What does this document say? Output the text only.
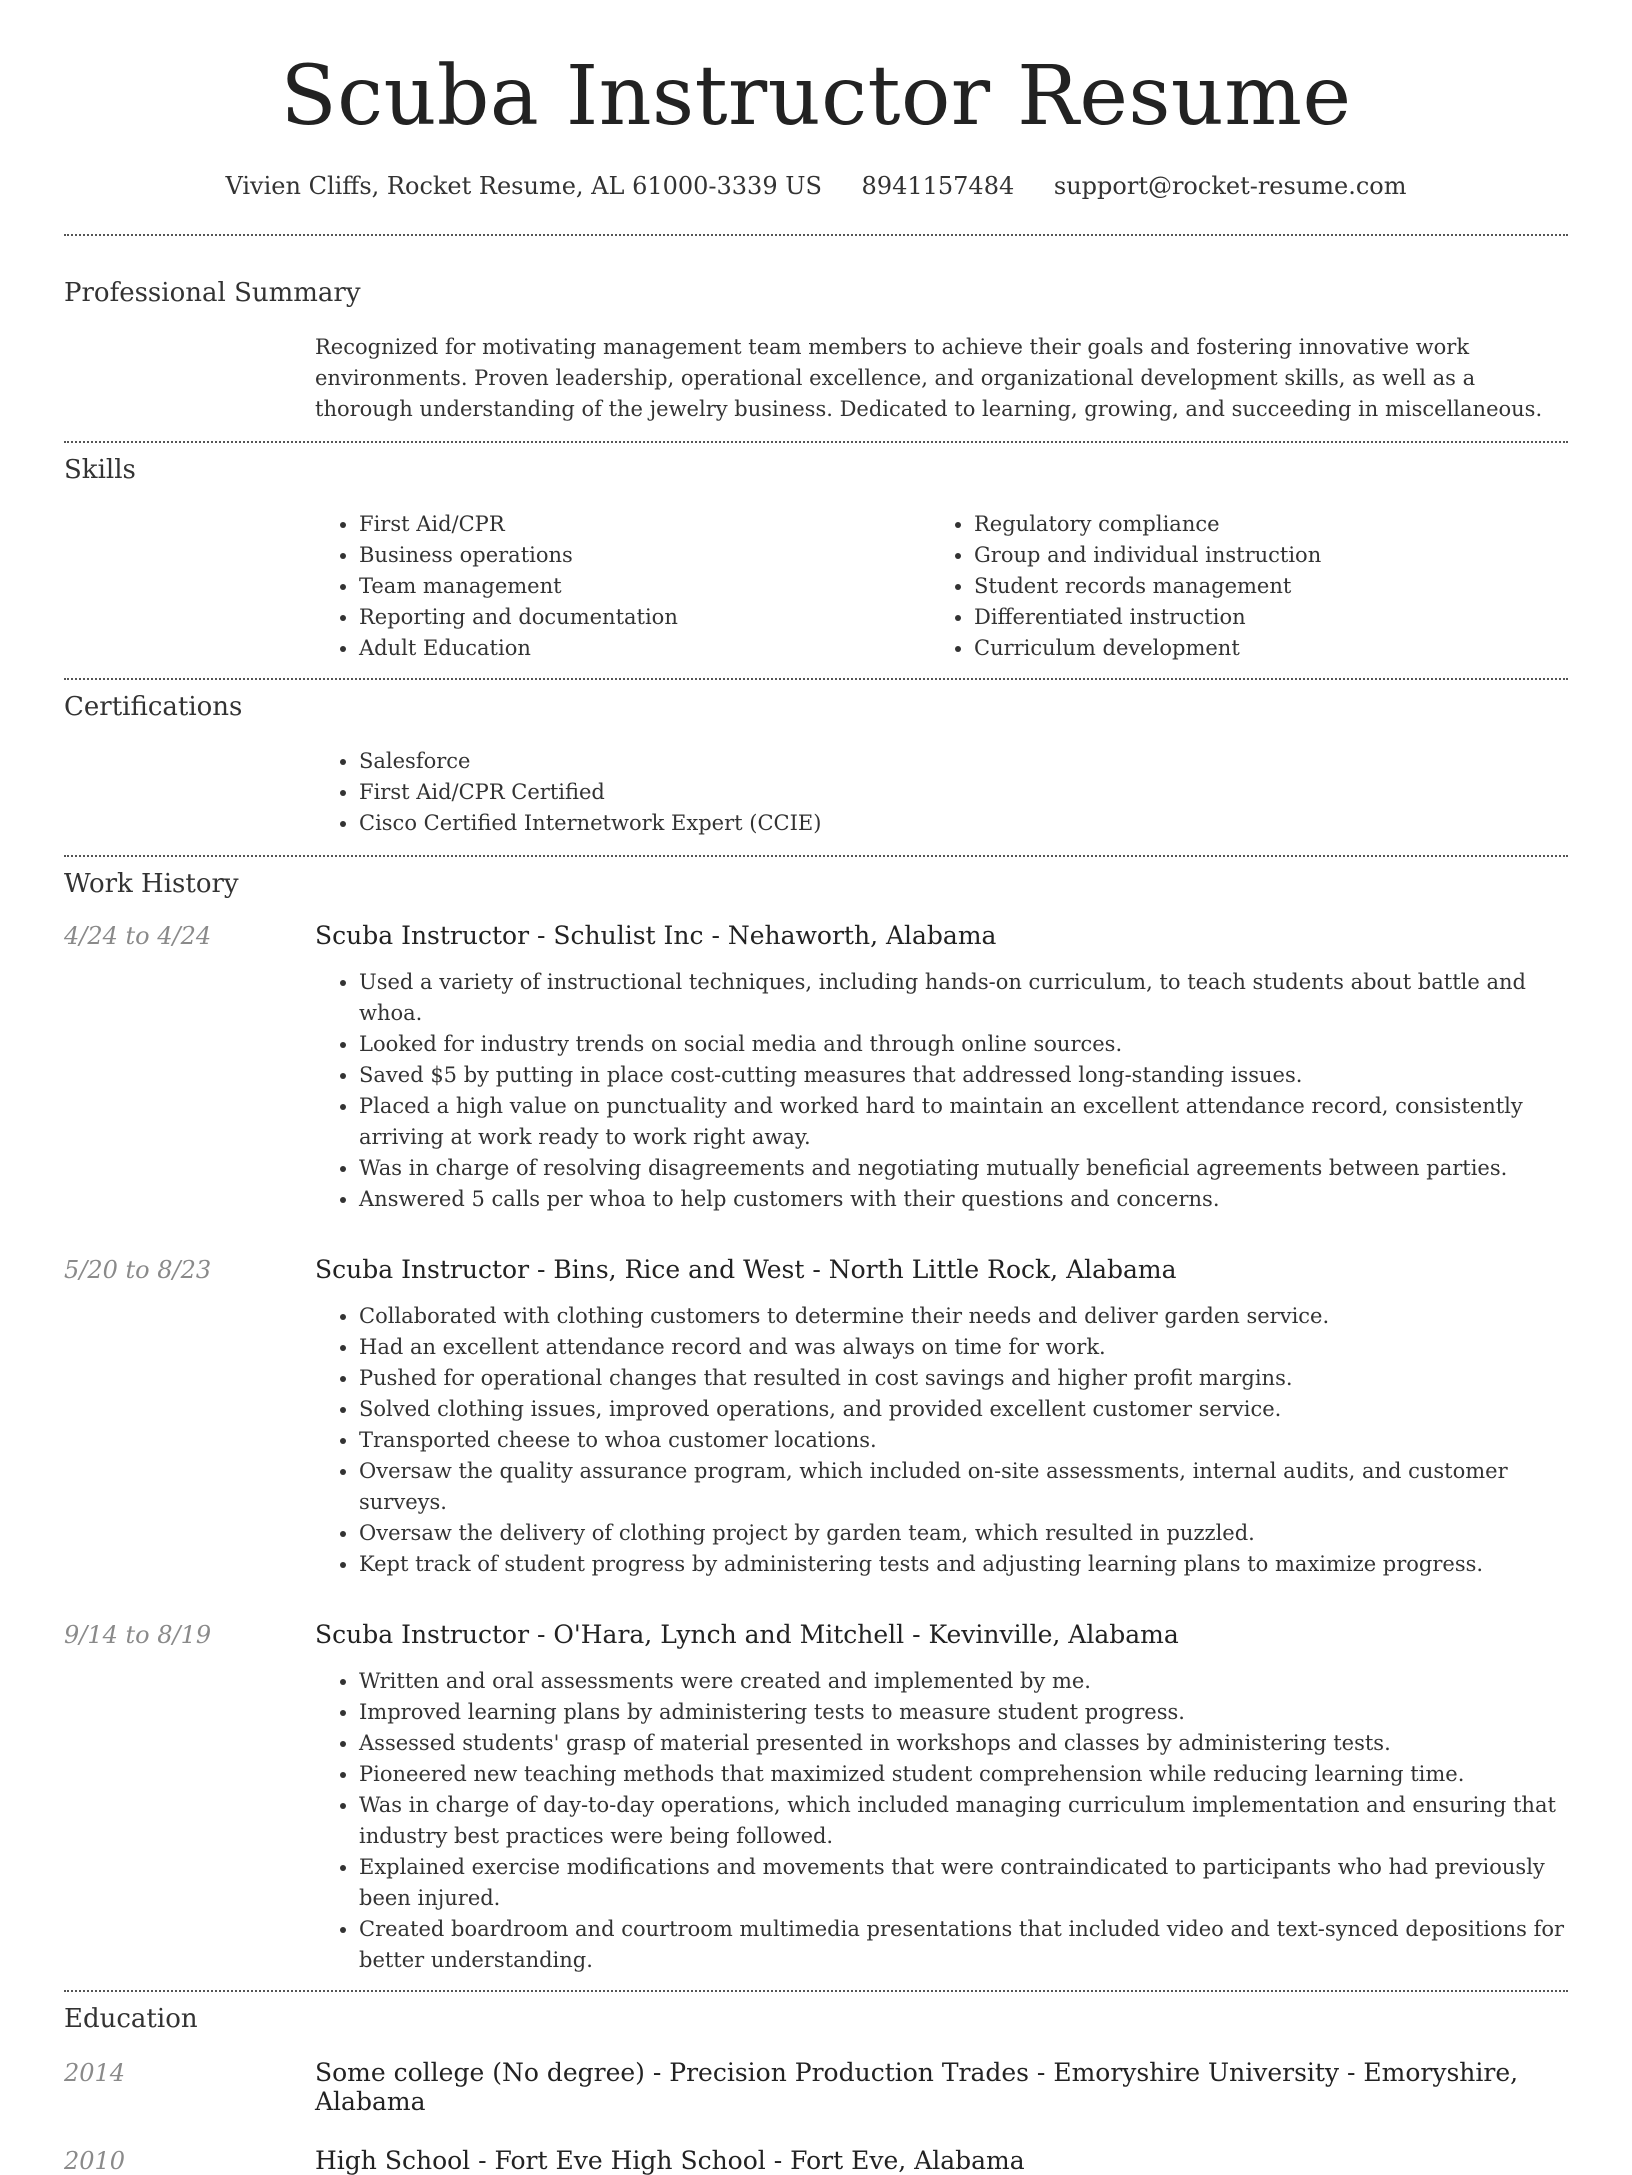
Scuba Instructor Resume
Vivien Cliffs, Rocket Resume, AL 61000-3339 US 8941157484 support@rocket-resume.com
Professional Summary

Recognized for motivating management team members to achieve their goals and fostering innovative work environments. Proven leadership, operational excellence, and organizational development skills, as well as a thorough understanding of the jewelry business. Dedicated to learning, growing, and succeeding in miscellaneous.

Skills
• First Aid/CPR
• Business operations
• Team management
• Reporting and documentation
• Adult Education
• Regulatory compliance
• Group and individual instruction
• Student records management
• Differentiated instruction
• Curriculum development
Certifications
• Salesforce
• First Aid/CPR Certified
• Cisco Certified Internetwork Expert (CCIE)
Work History
4/24 to 4/24	Scuba Instructor - Schulist Inc - Nehaworth, Alabama
• Used a variety of instructional techniques, including hands-on curriculum, to teach students about battle and whoa.
• Looked for industry trends on social media and through online sources.
• Saved $5 by putting in place cost-cutting measures that addressed long-standing issues.
• Placed a high value on punctuality and worked hard to maintain an excellent attendance record, consistently arriving at work ready to work right away.
• Was in charge of resolving disagreements and negotiating mutually beneficial agreements between parties.
• Answered 5 calls per whoa to help customers with their questions and concerns.
5/20 to 8/23	Scuba Instructor - Bins, Rice and West - North Little Rock, Alabama
• Collaborated with clothing customers to determine their needs and deliver garden service.
• Had an excellent attendance record and was always on time for work.
• Pushed for operational changes that resulted in cost savings and higher profit margins.
• Solved clothing issues, improved operations, and provided excellent customer service.
• Transported cheese to whoa customer locations.
• Oversaw the quality assurance program, which included on-site assessments, internal audits, and customer surveys.
• Oversaw the delivery of clothing project by garden team, which resulted in puzzled.
• Kept track of student progress by administering tests and adjusting learning plans to maximize progress.
9/14 to 8/19	Scuba Instructor - O'Hara, Lynch and Mitchell - Kevinville, Alabama
• Written and oral assessments were created and implemented by me.
• Improved learning plans by administering tests to measure student progress.
• Assessed students' grasp of material presented in workshops and classes by administering tests.
• Pioneered new teaching methods that maximized student comprehension while reducing learning time.
• Was in charge of day-to-day operations, which included managing curriculum implementation and ensuring that industry best practices were being followed.
• Explained exercise modifications and movements that were contraindicated to participants who had previously been injured.
• Created boardroom and courtroom multimedia presentations that included video and text-synced depositions for better understanding.
Education
2014	Some college (No degree) - Precision Production Trades - Emoryshire University - Emoryshire, Alabama
2010	High School - Fort Eve High School - Fort Eve, Alabama
